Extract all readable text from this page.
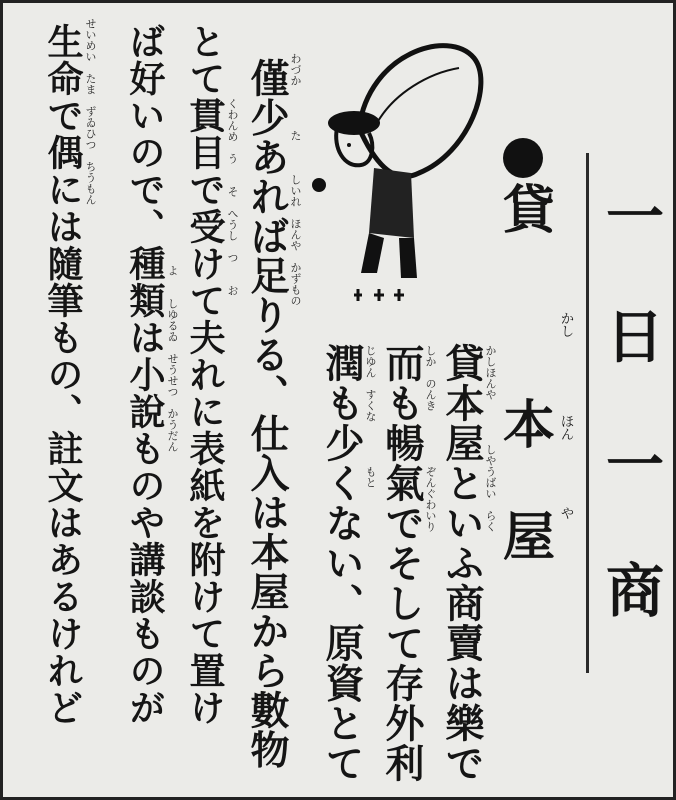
一
日
一
商
貸
かし
本 ほん
屋 や
貸本屋といふ商賣は樂で
而も暢氣でそして存外利
潤も少くない、原資とて
僅少あれば足りる、仕入は本屋から數物
とて貫目で受けて夫れに表紙を附けて置け
ば好いので、種類は小說ものや講談ものが
生命で偶には隨筆もの、註文はあるけれど	かしほんや　　　　しやうばい　らく
しか　のんき　　　　　ぞんぐわいり
じゆん　すくな　　　　もと
わづか　　　　た　　　しいれ　ほんや　かずもの
くわんめ　う　　そ　へうし　つ　　お
よ　　しゆるゐ　せうせつ　かうだん
せいめい　たま　ずゐひつ　ちうもん
